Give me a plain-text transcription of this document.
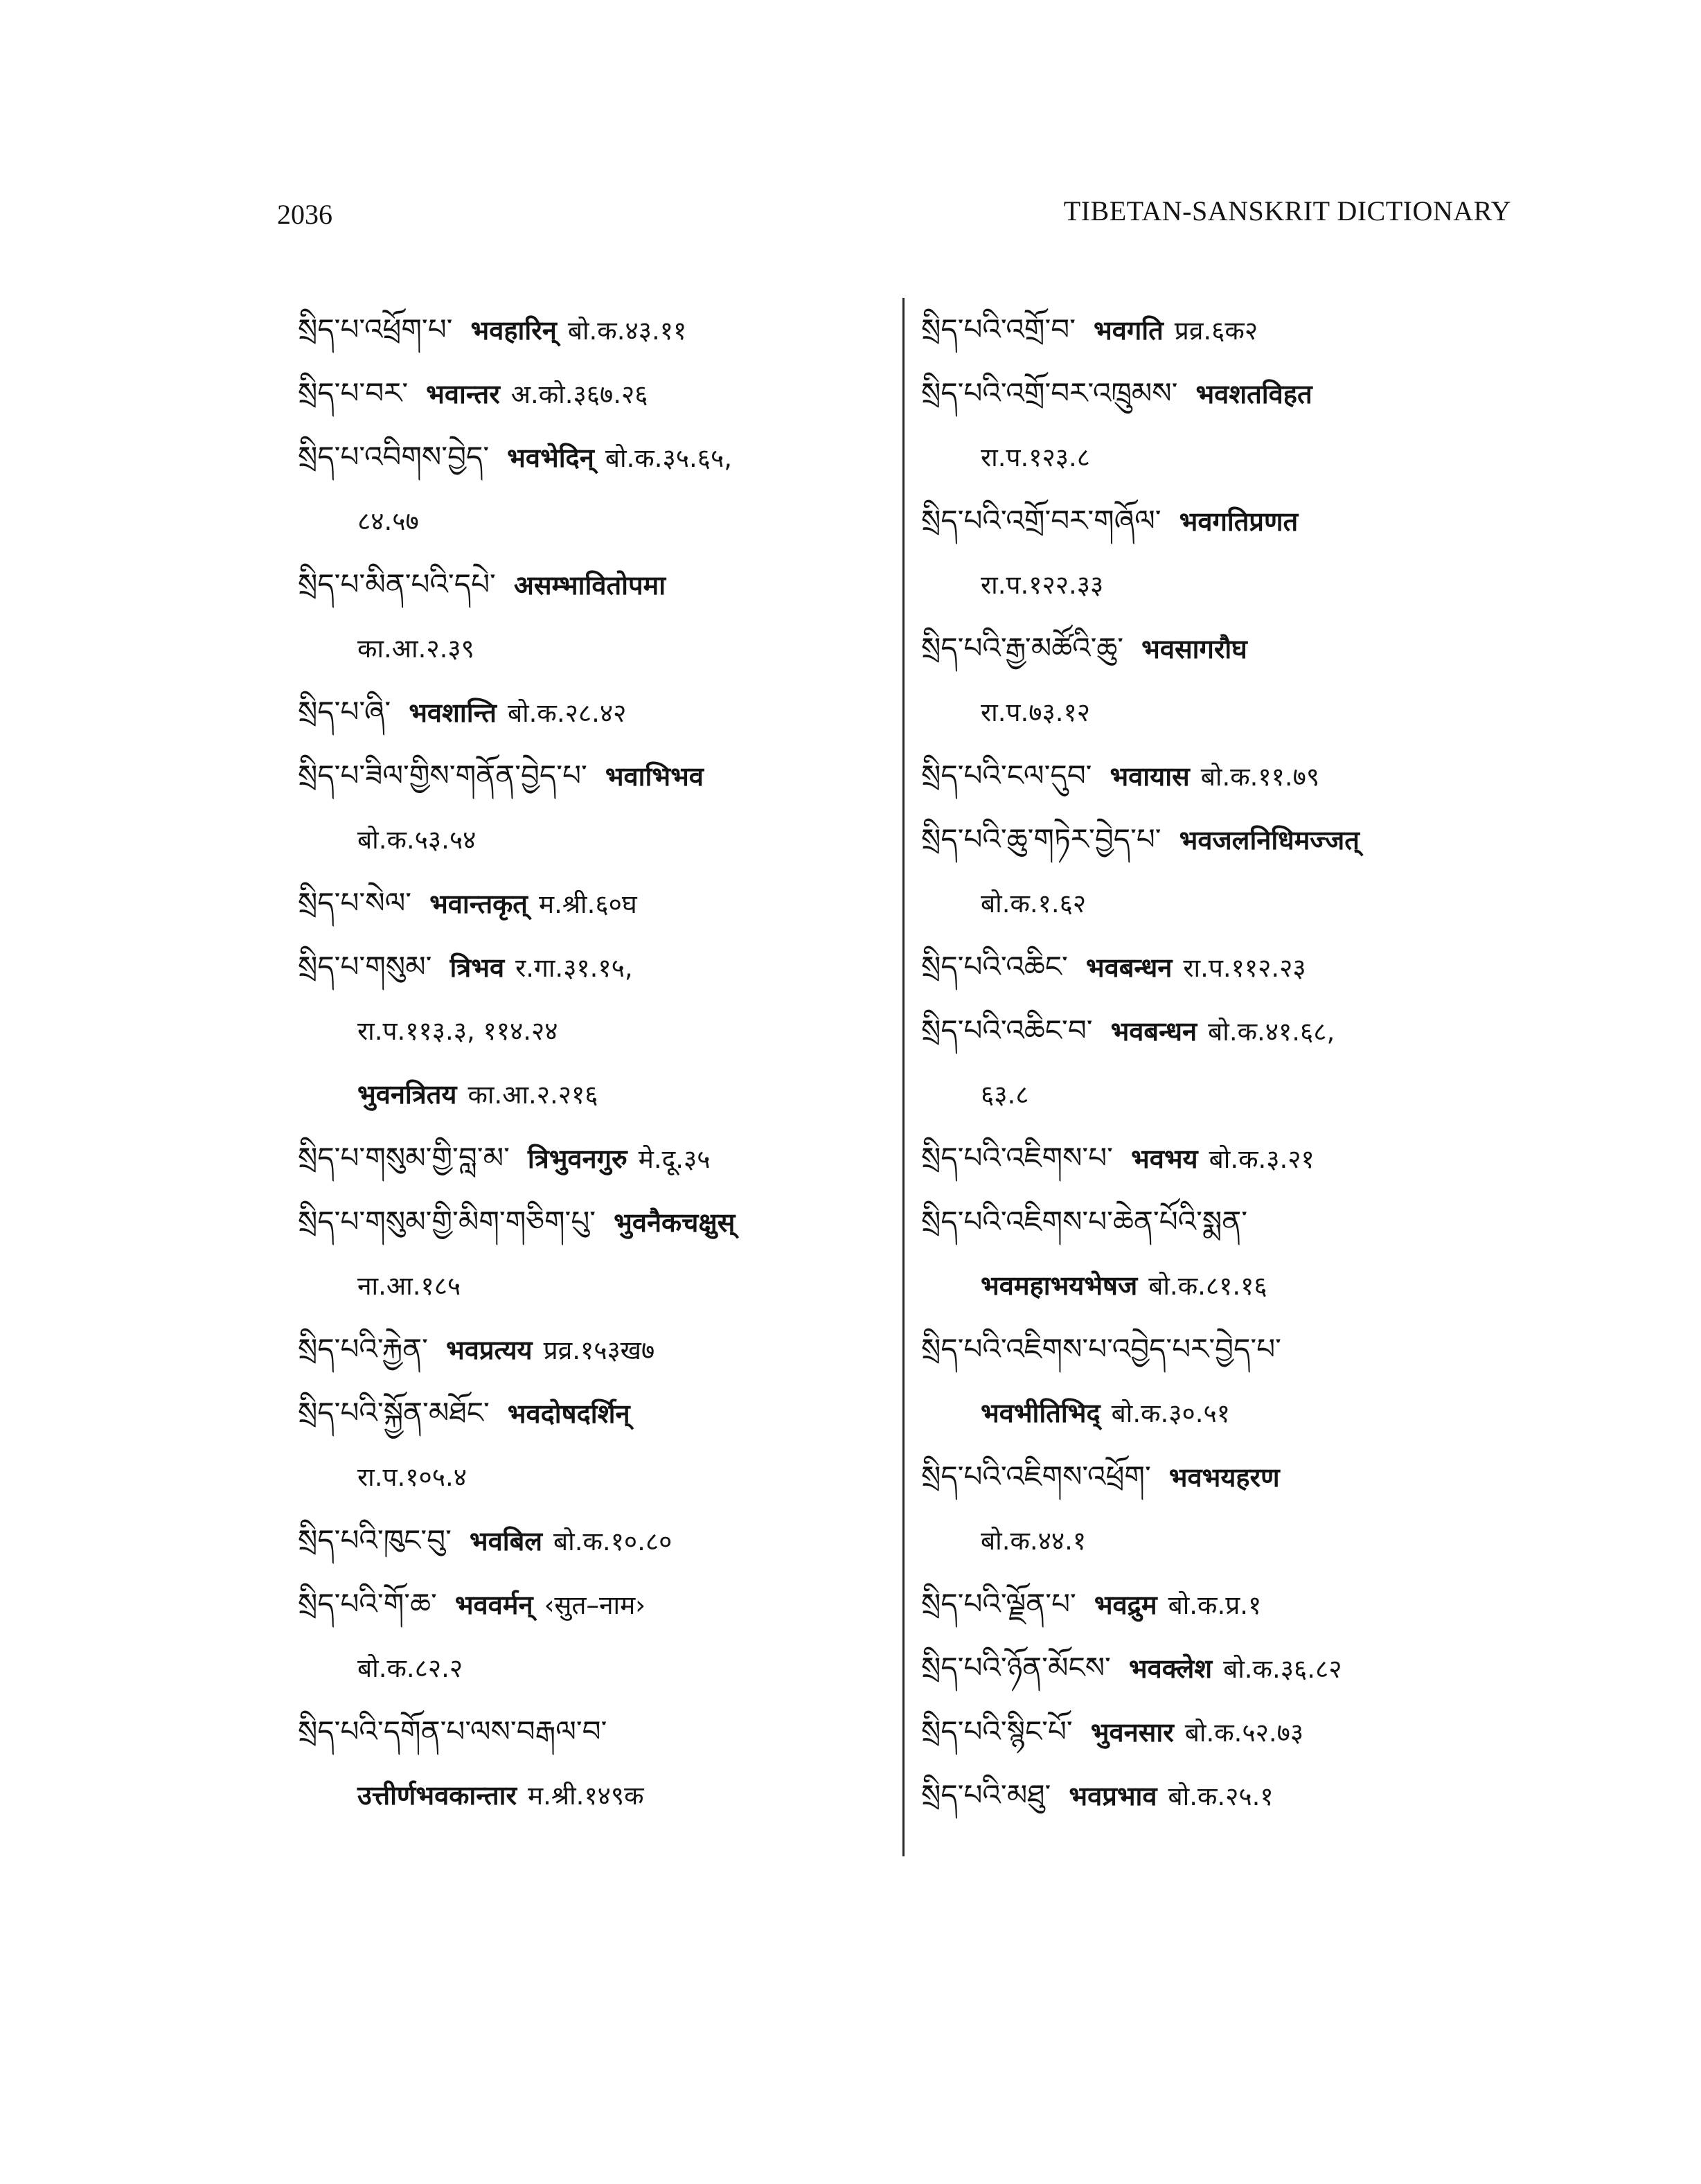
2036	TIBETAN-SANSKRIT DICTIONARY
སྲིད་པ་འཕྲོག་པ་ भवहारिन् बो.क.४३.११
སྲིད་པ་བར་ भवान्तर अ.को.३६७.२६
སྲིད་པ་འབིགས་བྱེད་ भवभेदिन् बो.क.३५.६५,
८४.५७
སྲིད་པ་མིན་པའི་དཔེ་ असम्भावितोपमा
का.आ.२.३९
སྲིད་པ་ཞི་ भवशान्ति बो.क.२८.४२
སྲིད་པ་ཟིལ་གྱིས་གནོན་བྱེད་པ་ भवाभिभव
बो.क.५३.५४
སྲིད་པ་སེལ་ भवान्तकृत् म.श्री.६०घ
སྲིད་པ་གསུམ་ त्रिभव र.गा.३१.१५,
रा.प.११३.३, ११४.२४
भुवनत्रितय का.आ.२.२१६
སྲིད་པ་གསུམ་གྱི་བླ་མ་ त्रिभुवनगुरु मे.दू.३५
སྲིད་པ་གསུམ་གྱི་མིག་གཅིག་པུ་ भुवनैकचक्षुस्
ना.आ.१८५
སྲིད་པའི་རྐྱེན་ भवप्रत्यय प्रव्र.१५३ख७
སྲིད་པའི་སྐྱོན་མཐོང་ भवदोषदर्शिन्
रा.प.१०५.४
སྲིད་པའི་ཁུང་བུ་ भवबिल बो.क.१०.८०
སྲིད་པའི་གོ་ཆ་ भववर्मन् ‹सुत–नाम›
बो.क.८२.२
སྲིད་པའི་དགོན་པ་ལས་བརྒལ་བ་
उत्तीर्णभवकान्तार म.श्री.१४९क
སྲིད་པའི་འགྲོ་བ་ भवगति प्रव्र.६क२
སྲིད་པའི་འགྲོ་བར་འཁྲུམས་ भवशतविहत
रा.प.१२३.८
སྲིད་པའི་འགྲོ་བར་གཞོལ་ भवगतिप्रणत
रा.प.१२२.३३
སྲིད་པའི་རྒྱ་མཚོའི་ཆུ་ भवसागरौघ
रा.प.७३.१२
སྲིད་པའི་ངལ་དུབ་ भवायास बो.क.११.७९
སྲིད་པའི་ཆུ་གཏེར་བྱེད་པ་ भवजलनिधिमज्जत्
बो.क.१.६२
སྲིད་པའི་འཆིང་ भवबन्धन रा.प.११२.२३
སྲིད་པའི་འཆིང་བ་ भवबन्धन बो.क.४१.६८,
६३.८
སྲིད་པའི་འཇིགས་པ་ भवभय बो.क.३.२१
སྲིད་པའི་འཇིགས་པ་ཆེན་པོའི་སྨན་
भवमहाभयभेषज बो.क.८१.१६
སྲིད་པའི་འཇིགས་པ་འབྱེད་པར་བྱེད་པ་
भवभीतिभिद् बो.क.३०.५१
སྲིད་པའི་འཇིགས་འཕྲོག་ भवभयहरण
बो.क.४४.१
སྲིད་པའི་ལྗོན་པ་ भवद्रुम बो.क.प्र.१
སྲིད་པའི་ཉོན་མོངས་ भवक्लेश बो.क.३६.८२
སྲིད་པའི་སྙིང་པོ་ भुवनसार बो.क.५२.७३
སྲིད་པའི་མཐུ་ भवप्रभाव बो.क.२५.१
